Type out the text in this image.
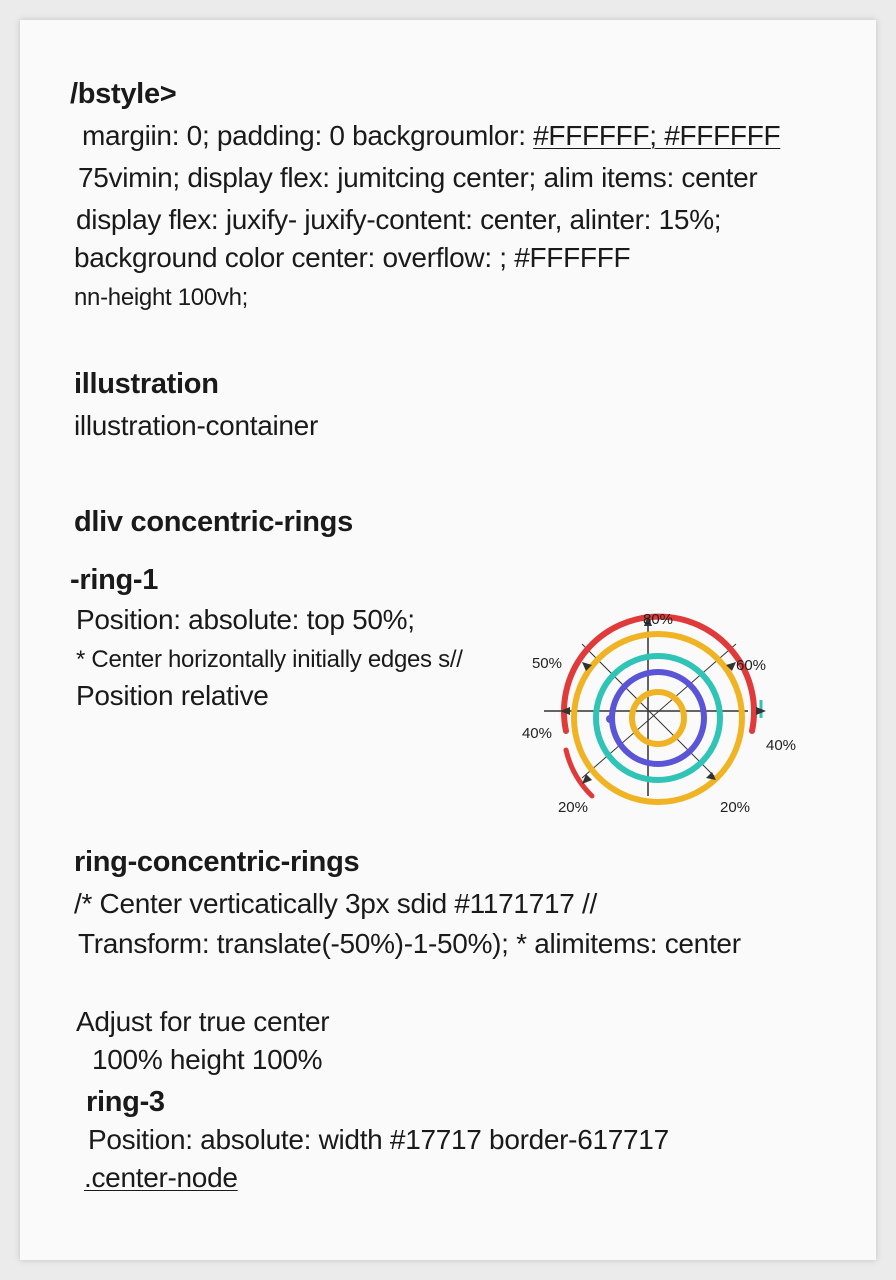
/bstyle>
margiin: 0; padding: 0 backgroumlor: #FFFFFF; #FFFFFF
75vimin; display flex: jumitcing center; alim items: center
display flex: juxify- juxify-content: center, alinter: 15%;
background color center: overflow: ; #FFFFFF
nn-height 100vh;
illustration
illustration-container
dliv concentric-rings
-ring-1
Position: absolute: top 50%;
* Center horizontally initially edges s//
Position relative
ring-concentric-rings
/* Center verticatically 3px sdid #1171717 //
Transform: translate(-50%)-1-50%); * alimitems: center
Adjust for true center
100% height 100%
ring-3
Position: absolute: width #17717 border-617717
.center-node
80%
50%	60%
40%
40%
20%	20%
